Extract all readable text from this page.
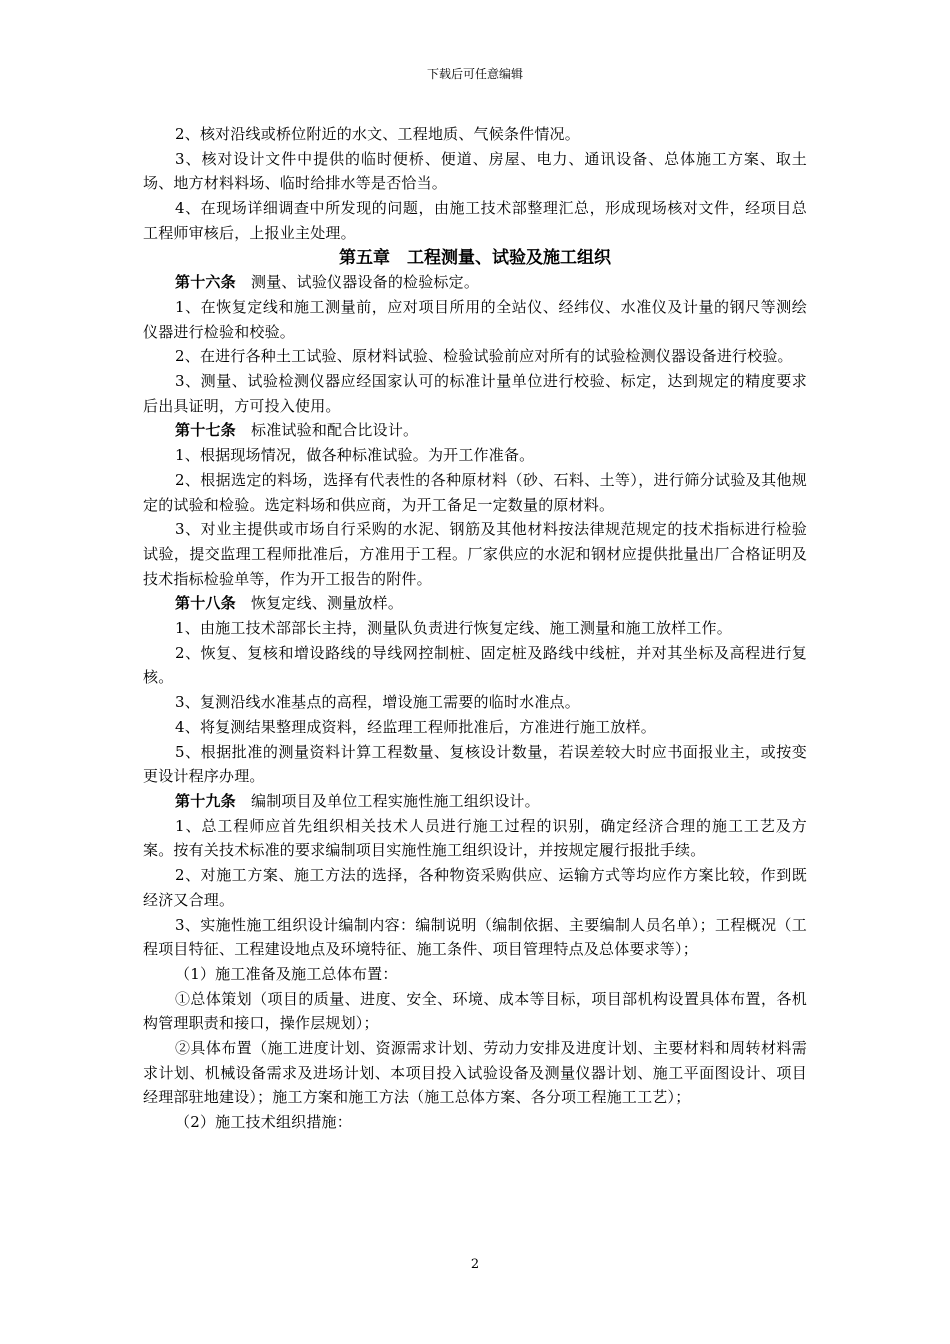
下载后可任意编辑

2、核对沿线或桥位附近的水文、工程地质、气候条件情况。

3、核对设计文件中提供的临时便桥、便道、房屋、电力、通讯设备、总体施工方案、取土场、地方材料料场、临时给排水等是否恰当。

4、在现场详细调查中所发现的问题，由施工技术部整理汇总，形成现场核对文件，经项目总工程师审核后，上报业主处理。

第五章　工程测量、试验及施工组织

第十六条　测量、试验仪器设备的检验标定。

1、在恢复定线和施工测量前，应对项目所用的全站仪、经纬仪、水准仪及计量的钢尺等测绘仪器进行检验和校验。

2、在进行各种土工试验、原材料试验、检验试验前应对所有的试验检测仪器设备进行校验。

3、测量、试验检测仪器应经国家认可的标准计量单位进行校验、标定，达到规定的精度要求后出具证明，方可投入使用。

第十七条　标准试验和配合比设计。

1、根据现场情况，做各种标准试验。为开工作准备。

2、根据选定的料场，选择有代表性的各种原材料（砂、石料、土等），进行筛分试验及其他规定的试验和检验。选定料场和供应商，为开工备足一定数量的原材料。

3、对业主提供或市场自行采购的水泥、钢筋及其他材料按法律规范规定的技术指标进行检验试验，提交监理工程师批准后，方准用于工程。厂家供应的水泥和钢材应提供批量出厂合格证明及技术指标检验单等，作为开工报告的附件。

第十八条　恢复定线、测量放样。

1、由施工技术部部长主持，测量队负责进行恢复定线、施工测量和施工放样工作。

2、恢复、复核和增设路线的导线网控制桩、固定桩及路线中线桩，并对其坐标及高程进行复核。

3、复测沿线水准基点的高程，增设施工需要的临时水准点。

4、将复测结果整理成资料，经监理工程师批准后，方准进行施工放样。

5、根据批准的测量资料计算工程数量、复核设计数量，若误差较大时应书面报业主，或按变更设计程序办理。

第十九条　编制项目及单位工程实施性施工组织设计。

1、总工程师应首先组织相关技术人员进行施工过程的识别，确定经济合理的施工工艺及方案。按有关技术标准的要求编制项目实施性施工组织设计，并按规定履行报批手续。

2、对施工方案、施工方法的选择，各种物资采购供应、运输方式等均应作方案比较，作到既经济又合理。

3、实施性施工组织设计编制内容：编制说明（编制依据、主要编制人员名单）；工程概况（工程项目特征、工程建设地点及环境特征、施工条件、项目管理特点及总体要求等）；

（1）施工准备及施工总体布置：

①总体策划（项目的质量、进度、安全、环境、成本等目标，项目部机构设置具体布置，各机构管理职责和接口，操作层规划）；

②具体布置（施工进度计划、资源需求计划、劳动力安排及进度计划、主要材料和周转材料需求计划、机械设备需求及进场计划、本项目投入试验设备及测量仪器计划、施工平面图设计、项目经理部驻地建设）；施工方案和施工方法（施工总体方案、各分项工程施工工艺）；

（2）施工技术组织措施：

2
